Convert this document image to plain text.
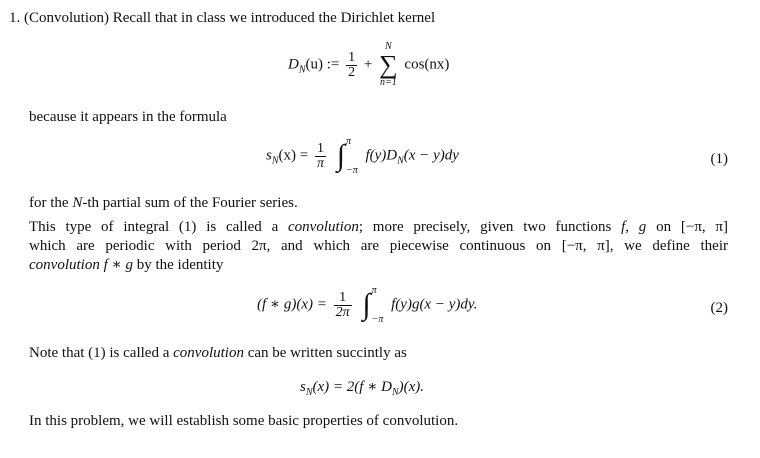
1. (Convolution) Recall that in class we introduced the Dirichlet kernel
$D_N(u)$ := $\frac{1}{2}$ +
N
∑
n=1
cos(nx)
because it appears in the formula
$s_N(x) = \frac{1}{\pi}$
∫ π
−π
$f(y)D_N(x - y)dy$	(1)
for the N-th partial sum of the Fourier series.
This type of integral (1) is called a convolution; more precisely, given two functions f, g on [−π, π]
which are periodic with period 2π, and which are piecewise continuous on [−π, π], we define their
convolution f ∗ g by the identity
(f ∗ $g)(x) = \frac{1}{2\pi}$
∫ π
−π
f(y)g(x − y)dy.	(2)
Note that (1) is called a convolution can be written succintly as
$s_N(x) = 2(f$ ∗ $D_N)(x)$.
In this problem, we will establish some basic properties of convolution.
